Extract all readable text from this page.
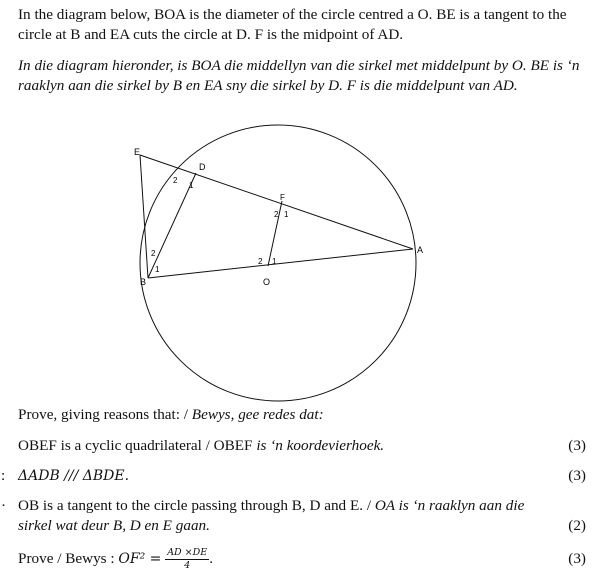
In the diagram below, BOA is the diameter of the circle centred a O. BE is a tangent to the circle at B and EA cuts the circle at D. F is the midpoint of AD.

In die diagram hieronder, is BOA die middellyn van die sirkel met middelpunt by O. BE is ‘n raaklyn aan die sirkel by B en EA sny die sirkel by D. F is die middelpunt van AD.

E
D
F
B
A
O
2
1
2 1
2
1
2 1
Prove, giving reasons that: / Bewys, gee redes dat:
OBEF is a cyclic quadrilateral / OBEF is ‘n koordevierhoek.	(3)
: ΔADB /// ΔBDE.	(3)
· OB is a tangent to the circle passing through B, D and E. / OA is ‘n raaklyn aan die
sirkel wat deur B, D en E gaan.	(2)
Prove / Bewys : $OF^2 = \frac{AD \times DE}{4}$ .	(3)
